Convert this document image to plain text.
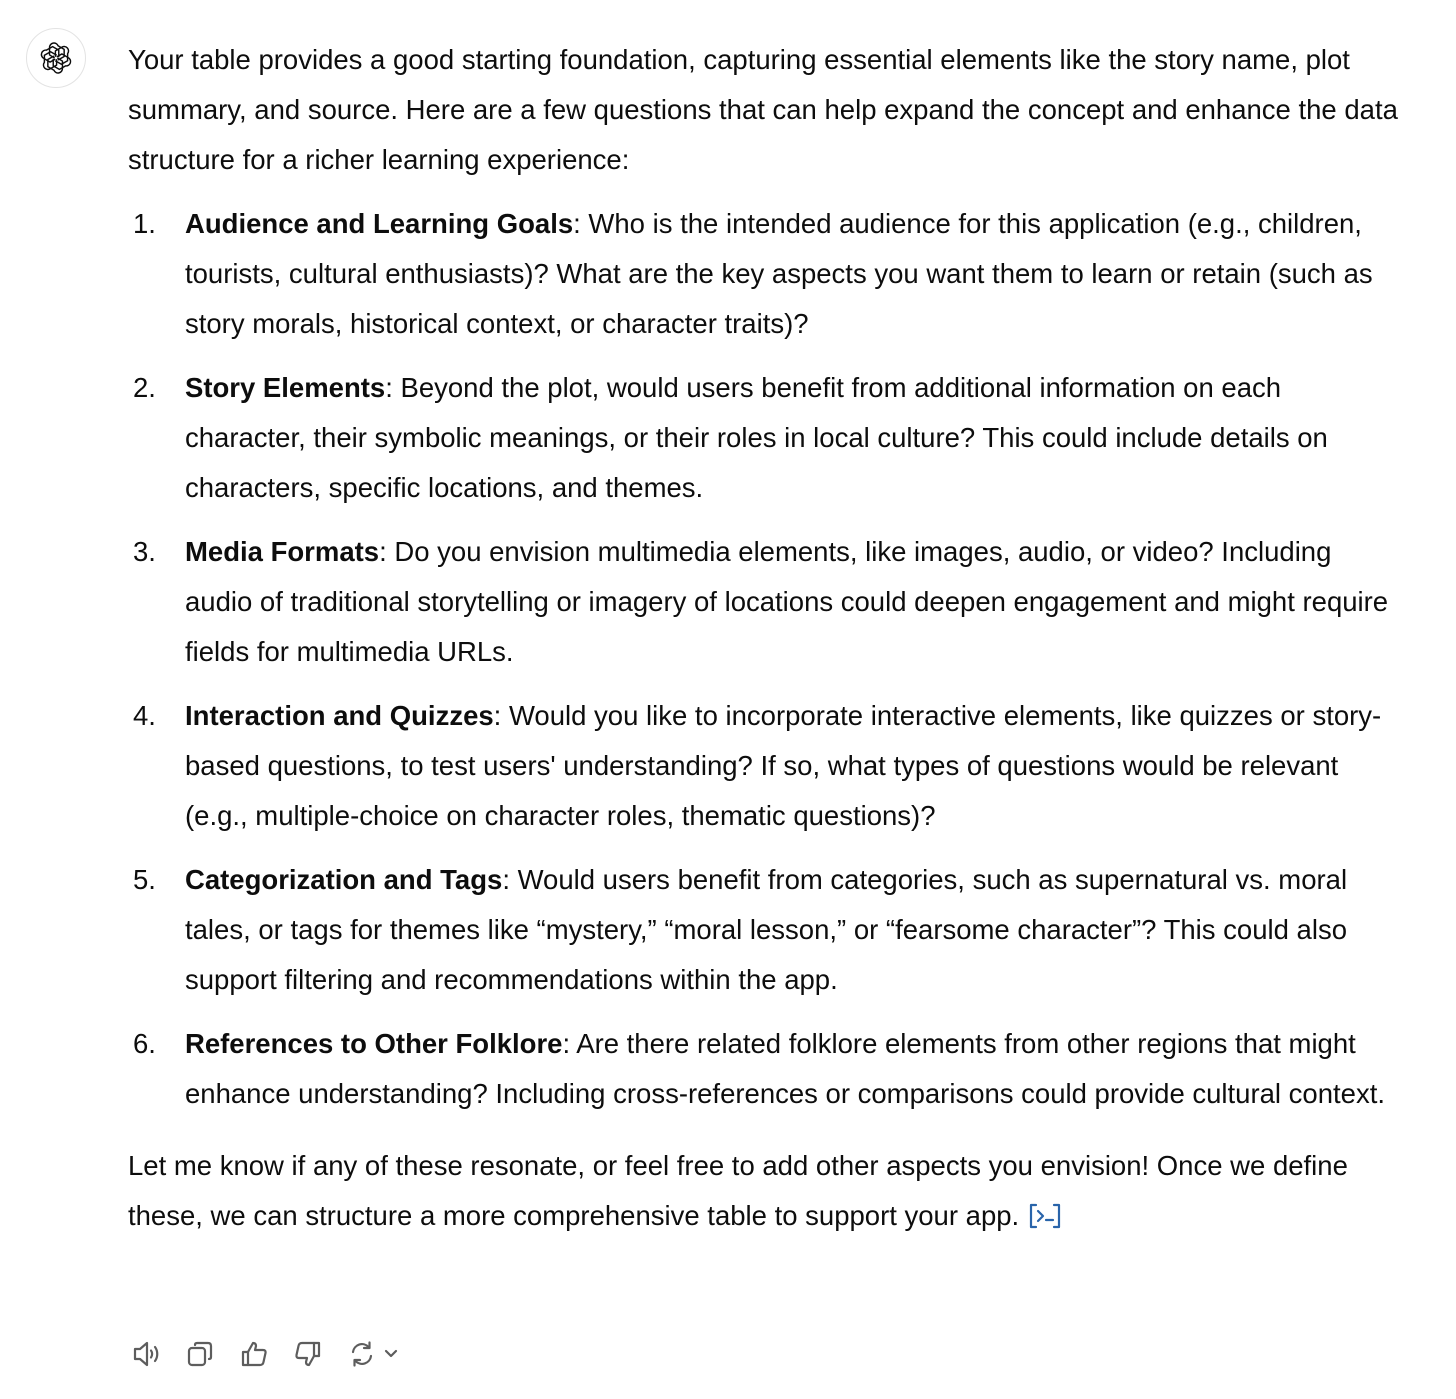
Your table provides a good starting foundation, capturing essential elements like the story name, plot summary, and source. Here are a few questions that can help expand the concept and enhance the data structure for a richer learning experience:

1. Audience and Learning Goals: Who is the intended audience for this application (e.g., children, tourists, cultural enthusiasts)? What are the key aspects you want them to learn or retain (such as story morals, historical context, or character traits)?
2. Story Elements: Beyond the plot, would users benefit from additional information on each character, their symbolic meanings, or their roles in local culture? This could include details on characters, specific locations, and themes.
3. Media Formats: Do you envision multimedia elements, like images, audio, or video? Including audio of traditional storytelling or imagery of locations could deepen engagement and might require fields for multimedia URLs.
4. Interaction and Quizzes: Would you like to incorporate interactive elements, like quizzes or story-based questions, to test users' understanding? If so, what types of questions would be relevant (e.g., multiple-choice on character roles, thematic questions)?
5. Categorization and Tags: Would users benefit from categories, such as supernatural vs. moral tales, or tags for themes like “mystery,” “moral lesson,” or “fearsome character”? This could also support filtering and recommendations within the app.
6. References to Other Folklore: Are there related folklore elements from other regions that might enhance understanding? Including cross-references or comparisons could provide cultural context.

Let me know if any of these resonate, or feel free to add other aspects you envision! Once we define these, we can structure a more comprehensive table to support your app.
